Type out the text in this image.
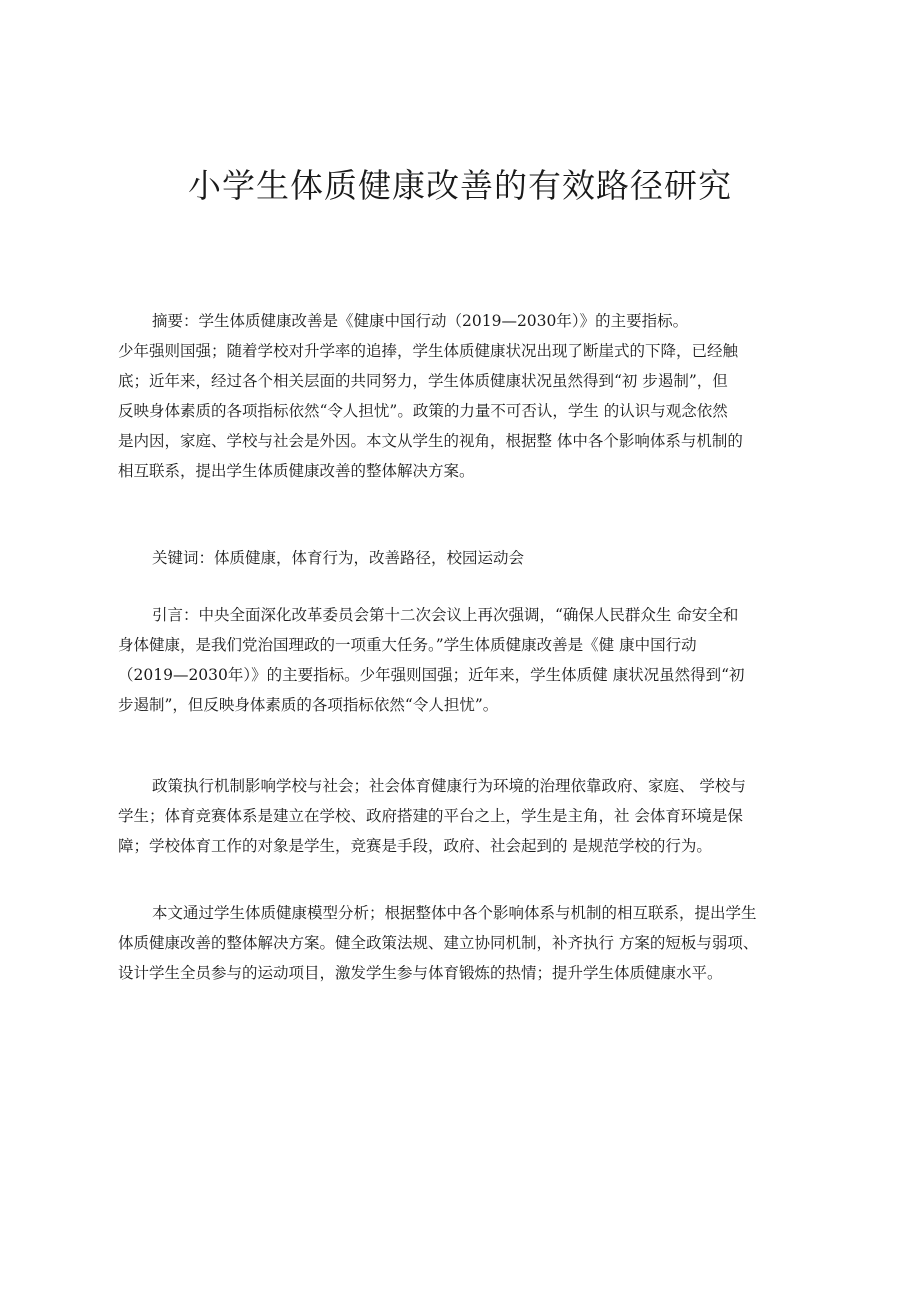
小学生体质健康改善的有效路径研究

摘要：学生体质健康改善是《健康中国行动（2019—2030年）》的主要指标。
少年强则国强；随着学校对升学率的追捧，学生体质健康状况出现了断崖式的下降，已经触
底；近年来，经过各个相关层面的共同努力，学生体质健康状况虽然得到“初 步遏制”，但
反映身体素质的各项指标依然“令人担忧”。政策的力量不可否认，学生 的认识与观念依然
是内因，家庭、学校与社会是外因。本文从学生的视角，根据整 体中各个影响体系与机制的
相互联系，提出学生体质健康改善的整体解决方案。

关键词：体质健康，体育行为，改善路径，校园运动会

引言：中央全面深化改革委员会第十二次会议上再次强调，“确保人民群众生 命安全和
身体健康，是我们党治国理政的一项重大任务。”学生体质健康改善是《健 康中国行动
（2019—2030年）》的主要指标。少年强则国强；近年来，学生体质健 康状况虽然得到“初
步遏制”，但反映身体素质的各项指标依然“令人担忧”。

政策执行机制影响学校与社会；社会体育健康行为环境的治理依靠政府、家庭、 学校与
学生；体育竞赛体系是建立在学校、政府搭建的平台之上，学生是主角，社 会体育环境是保
障；学校体育工作的对象是学生，竞赛是手段，政府、社会起到的 是规范学校的行为。

本文通过学生体质健康模型分析；根据整体中各个影响体系与机制的相互联系，提出学生
体质健康改善的整体解决方案。健全政策法规、建立协同机制，补齐执行 方案的短板与弱项、
设计学生全员参与的运动项目，激发学生参与体育锻炼的热情；提升学生体质健康水平。
